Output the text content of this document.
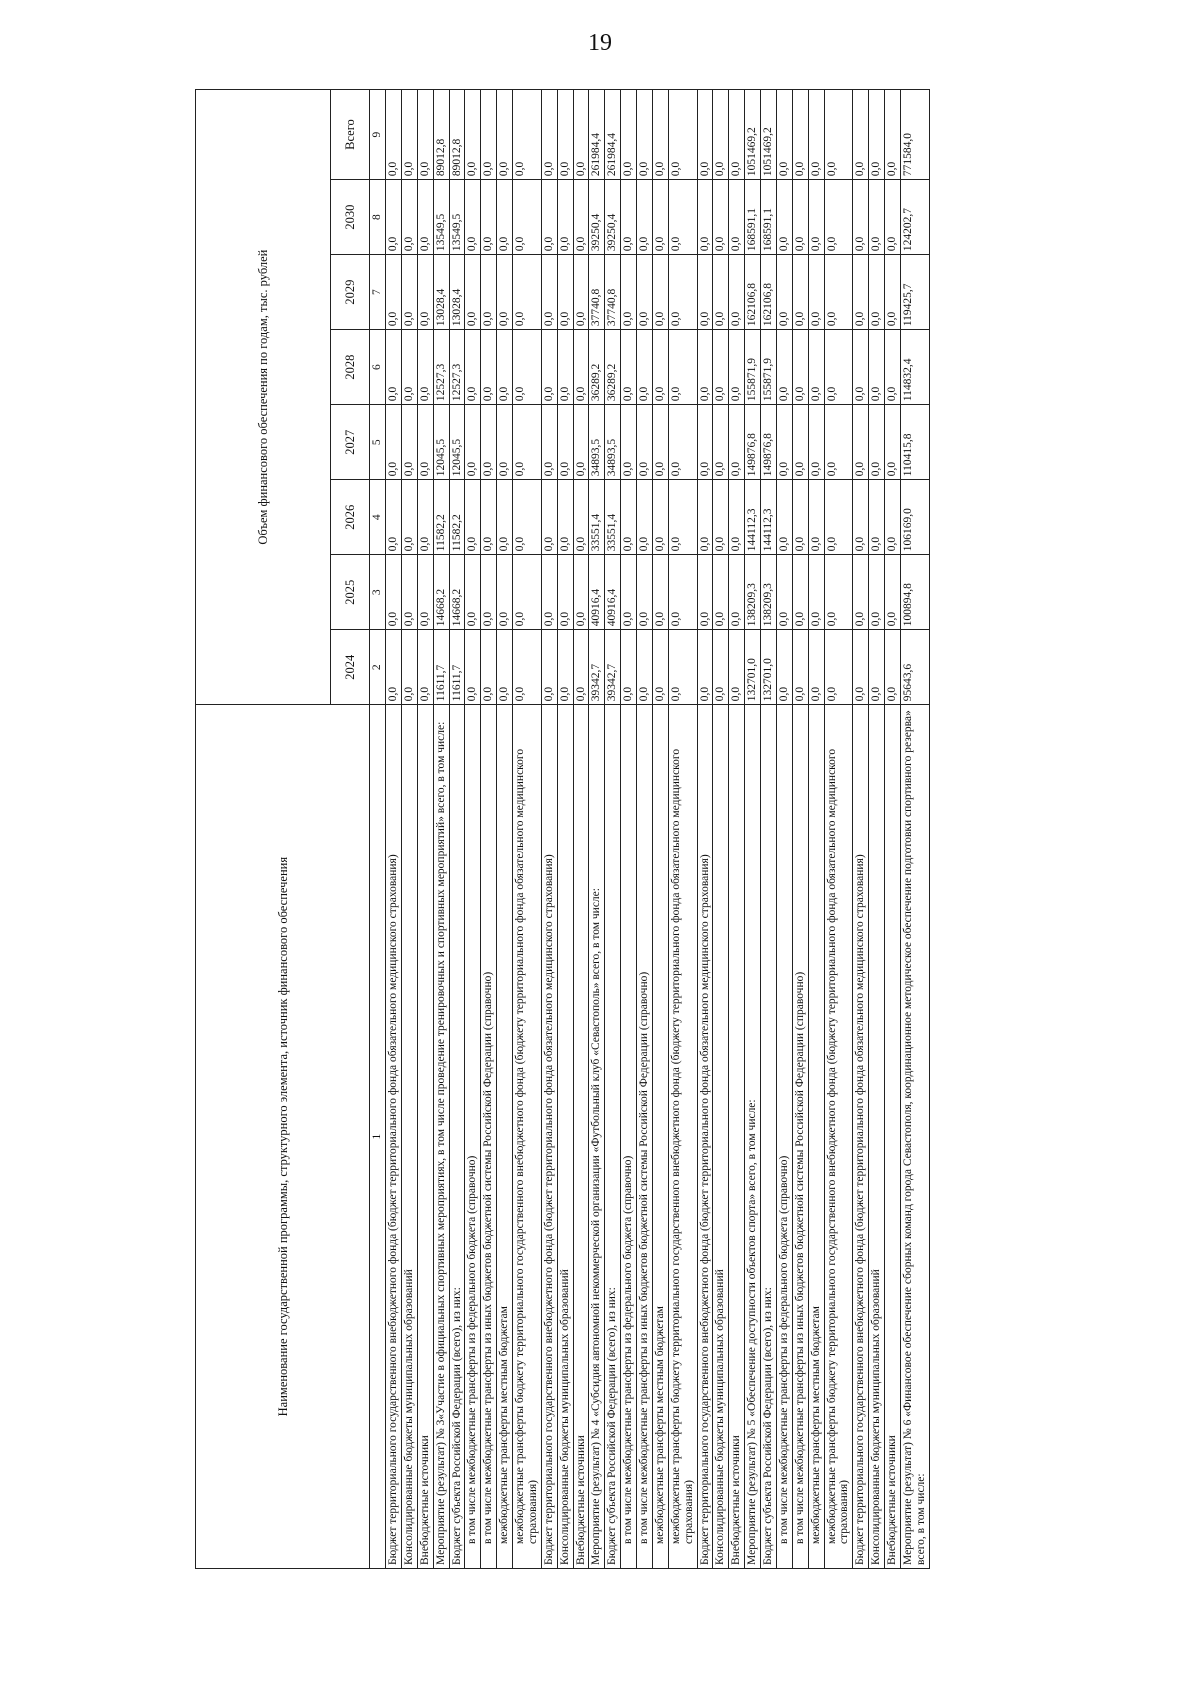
19
Наименование государственной программы, структурного элемента, источник финансового обеспечения	Объем финансового обеспечения по годам, тыс. рублей							
	2024	2025	2026	2027	2028	2029	2030	Всего
1	2	3	4	5	6	7	8	9
Бюджет территориального государственного внебюджетного фонда (бюджет территориального фонда обязательного медицинского страхования)	0,0	0,0	0,0	0,0	0,0	0,0	0,0	0,0
Консолидированные бюджеты муниципальных образований	0,0	0,0	0,0	0,0	0,0	0,0	0,0	0,0
Внебюджетные источники	0,0	0,0	0,0	0,0	0,0	0,0	0,0	0,0
Мероприятие (результат) № 3«Участие в официальных спортивных мероприятиях, в том числе проведение тренировочных и спортивных мероприятий» всего, в том числе:	11611,7	14668,2	11582,2	12045,5	12527,3	13028,4	13549,5	89012,8
Бюджет субъекта Российской Федерации (всего), из них:	11611,7	14668,2	11582,2	12045,5	12527,3	13028,4	13549,5	89012,8
в том числе межбюджетные трансферты из федерального бюджета (справочно)	0,0	0,0	0,0	0,0	0,0	0,0	0,0	0,0
в том числе межбюджетные трансферты из иных бюджетов бюджетной системы Российской Федерации (справочно)	0,0	0,0	0,0	0,0	0,0	0,0	0,0	0,0
межбюджетные трансферты местным бюджетам	0,0	0,0	0,0	0,0	0,0	0,0	0,0	0,0
межбюджетные трансферты бюджету территориального государственного внебюджетного фонда (бюджету территориального фонда обязательного медицинского страхования)	0,0	0,0	0,0	0,0	0,0	0,0	0,0	0,0
Бюджет территориального государственного внебюджетного фонда (бюджет территориального фонда обязательного медицинского страхования)	0,0	0,0	0,0	0,0	0,0	0,0	0,0	0,0
Консолидированные бюджеты муниципальных образований	0,0	0,0	0,0	0,0	0,0	0,0	0,0	0,0
Внебюджетные источники	0,0	0,0	0,0	0,0	0,0	0,0	0,0	0,0
Мероприятие (результат) № 4 «Субсидия автономной некоммерческой организации «Футбольный клуб «Севастополь» всего, в том числе:	39342,7	40916,4	33551,4	34893,5	36289,2	37740,8	39250,4	261984,4
Бюджет субъекта Российской Федерации (всего), из них:	39342,7	40916,4	33551,4	34893,5	36289,2	37740,8	39250,4	261984,4
в том числе межбюджетные трансферты из федерального бюджета (справочно)	0,0	0,0	0,0	0,0	0,0	0,0	0,0	0,0
в том числе межбюджетные трансферты из иных бюджетов бюджетной системы Российской Федерации (справочно)	0,0	0,0	0,0	0,0	0,0	0,0	0,0	0,0
межбюджетные трансферты местным бюджетам	0,0	0,0	0,0	0,0	0,0	0,0	0,0	0,0
межбюджетные трансферты бюджету территориального государственного внебюджетного фонда (бюджету территориального фонда обязательного медицинского страхования)	0,0	0,0	0,0	0,0	0,0	0,0	0,0	0,0
Бюджет территориального государственного внебюджетного фонда (бюджет территориального фонда обязательного медицинского страхования)	0,0	0,0	0,0	0,0	0,0	0,0	0,0	0,0
Консолидированные бюджеты муниципальных образований	0,0	0,0	0,0	0,0	0,0	0,0	0,0	0,0
Внебюджетные источники	0,0	0,0	0,0	0,0	0,0	0,0	0,0	0,0
Мероприятие (результат) № 5 «Обеспечение доступности объектов спорта» всего, в том числе:	132701,0	138209,3	144112,3	149876,8	155871,9	162106,8	168591,1	1051469,2
Бюджет субъекта Российской Федерации (всего), из них:	132701,0	138209,3	144112,3	149876,8	155871,9	162106,8	168591,1	1051469,2
в том числе межбюджетные трансферты из федерального бюджета (справочно)	0,0	0,0	0,0	0,0	0,0	0,0	0,0	0,0
в том числе межбюджетные трансферты из иных бюджетов бюджетной системы Российской Федерации (справочно)	0,0	0,0	0,0	0,0	0,0	0,0	0,0	0,0
межбюджетные трансферты местным бюджетам	0,0	0,0	0,0	0,0	0,0	0,0	0,0	0,0
межбюджетные трансферты бюджету территориального государственного внебюджетного фонда (бюджету территориального фонда обязательного медицинского страхования)	0,0	0,0	0,0	0,0	0,0	0,0	0,0	0,0
Бюджет территориального государственного внебюджетного фонда (бюджет территориального фонда обязательного медицинского страхования)	0,0	0,0	0,0	0,0	0,0	0,0	0,0	0,0
Консолидированные бюджеты муниципальных образований	0,0	0,0	0,0	0,0	0,0	0,0	0,0	0,0
Внебюджетные источники	0,0	0,0	0,0	0,0	0,0	0,0	0,0	0,0
Мероприятие (результат) № 6 «Финансовое обеспечение сборных команд города Севастополя, координационное методическое обеспечение подготовки спортивного резерва» всего, в том числе:	95643,6	100894,8	106169,0	110415,8	114832,4	119425,7	124202,7	771584,0
